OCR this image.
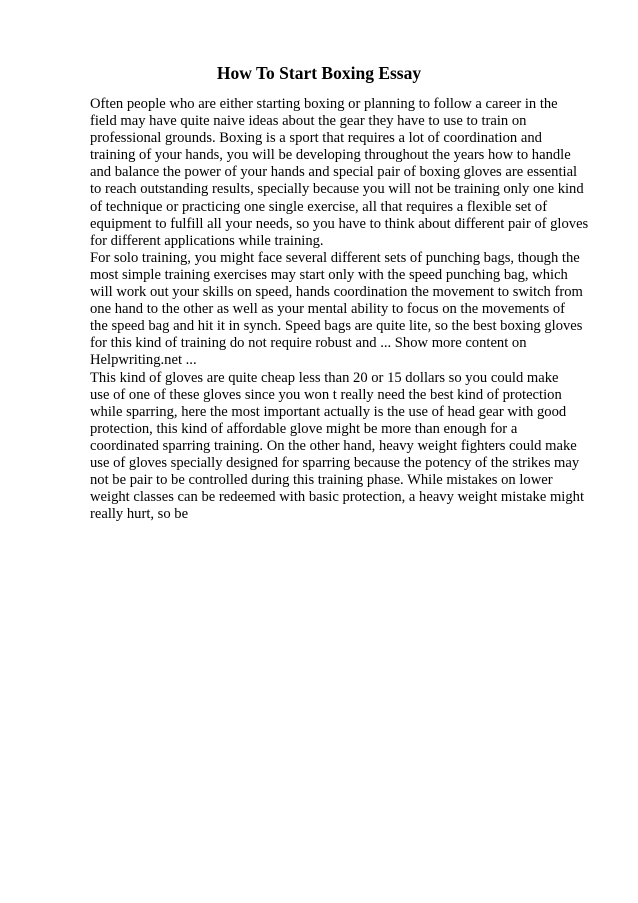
How To Start Boxing Essay
Often people who are either starting boxing or planning to follow a career in the
field may have quite naive ideas about the gear they have to use to train on
professional grounds. Boxing is a sport that requires a lot of coordination and
training of your hands, you will be developing throughout the years how to handle
and balance the power of your hands and special pair of boxing gloves are essential
to reach outstanding results, specially because you will not be training only one kind
of technique or practicing one single exercise, all that requires a flexible set of
equipment to fulfill all your needs, so you have to think about different pair of gloves
for different applications while training.
For solo training, you might face several different sets of punching bags, though the
most simple training exercises may start only with the speed punching bag, which
will work out your skills on speed, hands coordination the movement to switch from
one hand to the other as well as your mental ability to focus on the movements of
the speed bag and hit it in synch. Speed bags are quite lite, so the best boxing gloves
for this kind of training do not require robust and ... Show more content on
Helpwriting.net ...
This kind of gloves are quite cheap less than 20 or 15 dollars so you could make
use of one of these gloves since you won t really need the best kind of protection
while sparring, here the most important actually is the use of head gear with good
protection, this kind of affordable glove might be more than enough for a
coordinated sparring training. On the other hand, heavy weight fighters could make
use of gloves specially designed for sparring because the potency of the strikes may
not be pair to be controlled during this training phase. While mistakes on lower
weight classes can be redeemed with basic protection, a heavy weight mistake might
really hurt, so be
